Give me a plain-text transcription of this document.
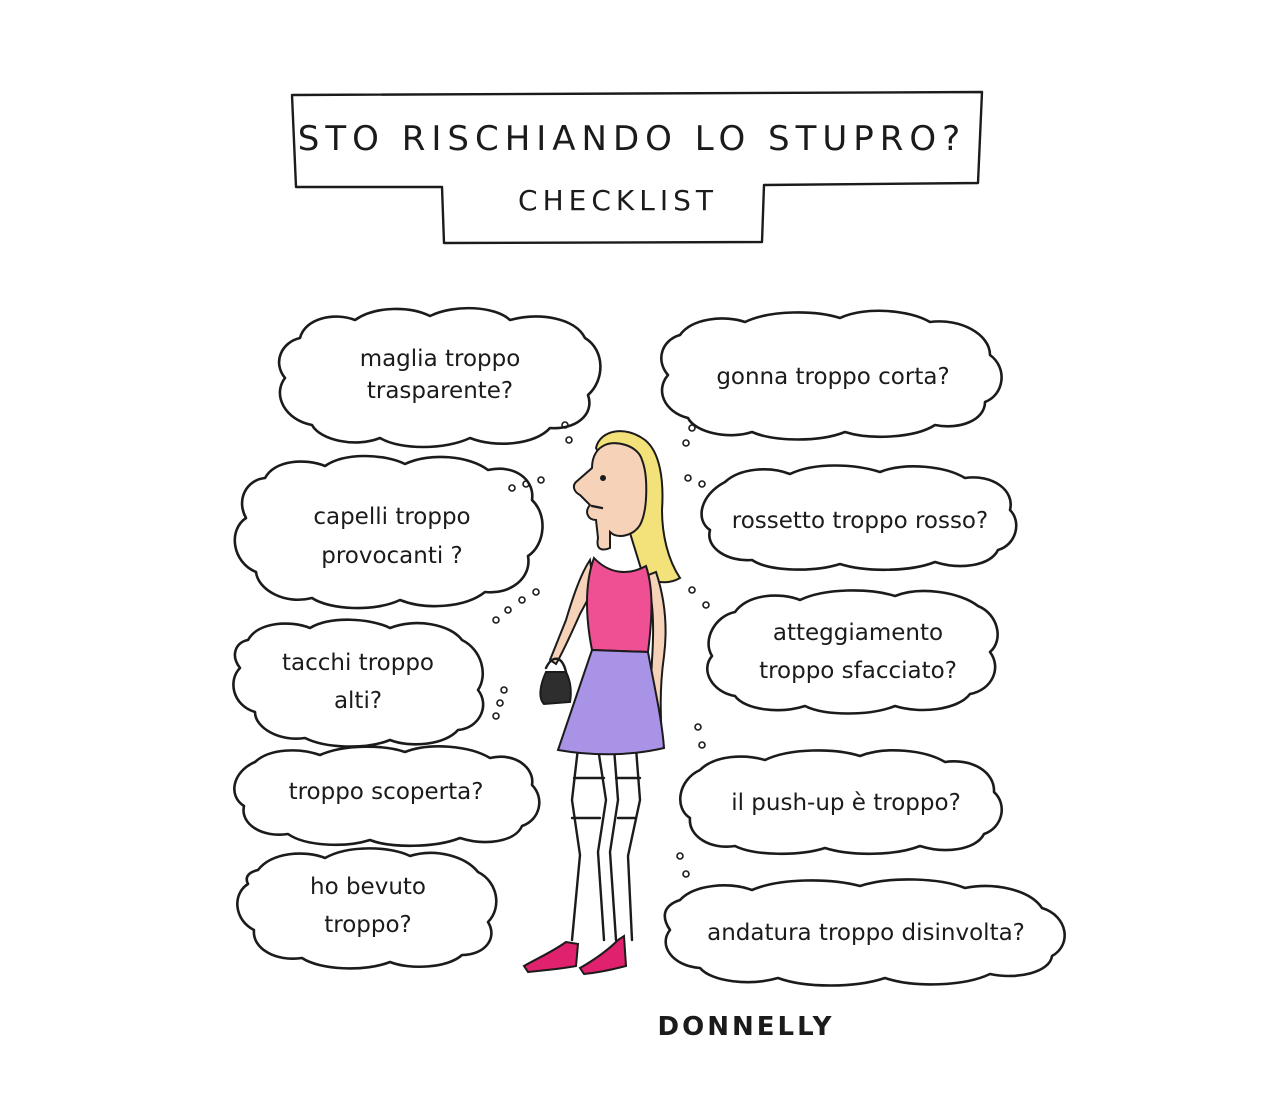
STO RISCHIANDO LO STUPRO?
CHECKLIST
maglia troppo
trasparente?
capelli troppo
provocanti ?
tacchi troppo
alti?
troppo scoperta?
ho bevuto
troppo?
gonna troppo corta?
rossetto troppo rosso?
atteggiamento
troppo sfacciato?
il push-up è troppo?
andatura troppo disinvolta?
DONNELLY
